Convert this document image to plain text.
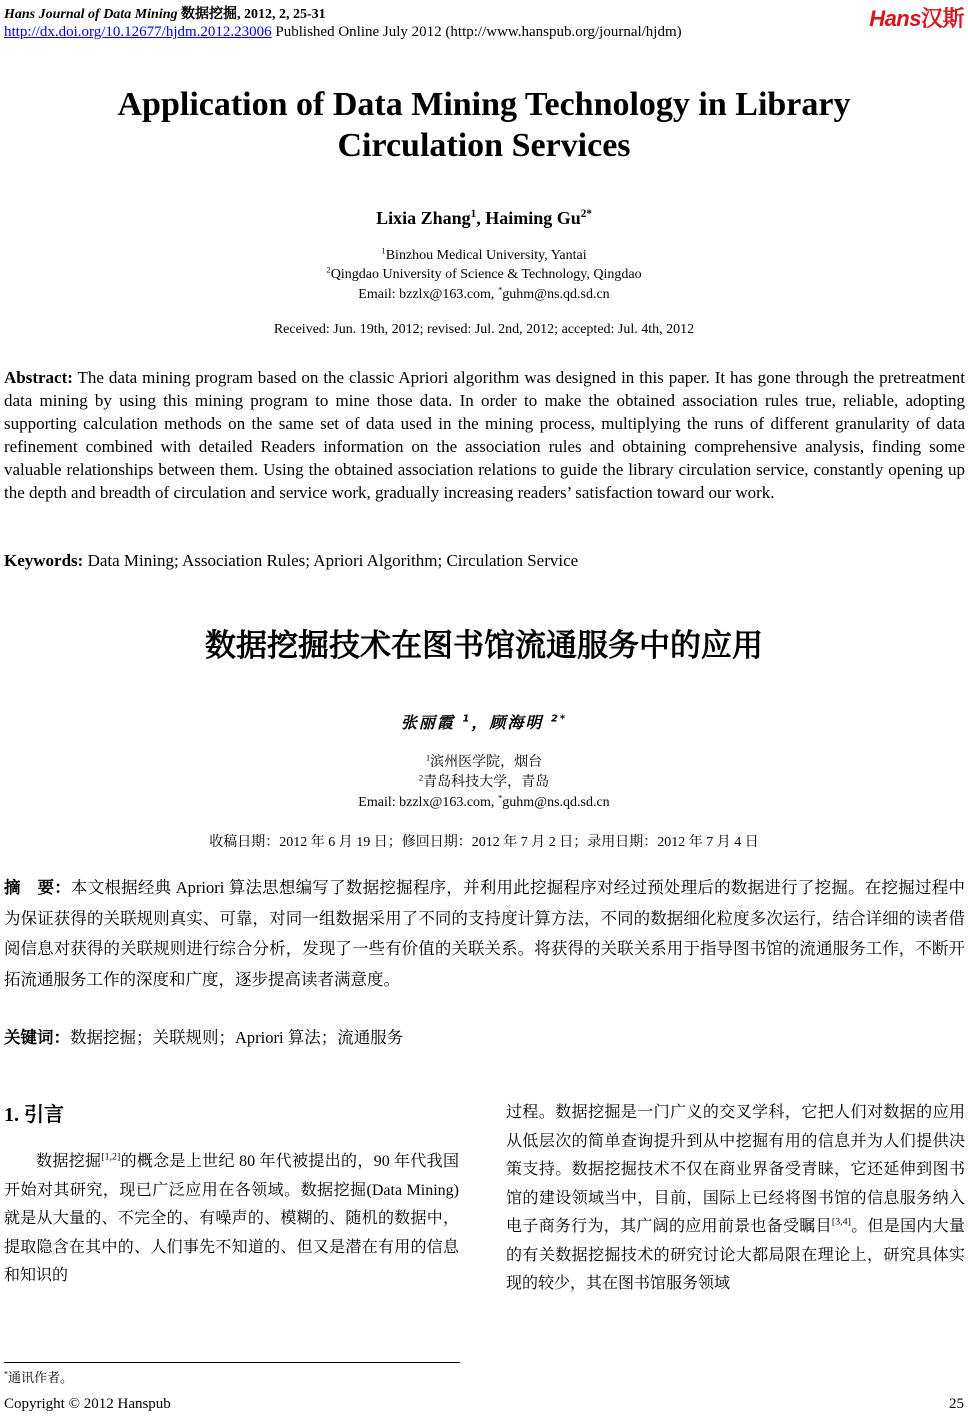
Hans Journal of Data Mining 数据挖掘, 2012, 2, 25-31
http://dx.doi.org/10.12677/hjdm.2012.23006 Published Online July 2012 (http://www.hanspub.org/journal/hjdm)
Hans汉斯
Application of Data Mining Technology in Library
Circulation Services
Lixia Zhang$^1$, Haiming $Gu^{2*}$
$^1$Binzhou Medical University, Yantai
$^2$Qingdao University of Science & Technology, Qingdao
Email: bzzlx@163.com, *guhm@ns.qd.sd.cn
Received: Jun. 19th, 2012; revised: Jul. 2nd, 2012; accepted: Jul. 4th, 2012
Abstract: The data mining program based on the classic Apriori algorithm was designed in this paper. It has gone through the pretreatment data mining by using this mining program to mine those data. In order to make the obtained association rules true, reliable, adopting supporting calculation methods on the same set of data used in the mining process, multiplying the runs of different granularity of data refinement combined with detailed Readers information on the association rules and obtaining comprehensive analysis, finding some valuable relationships between them. Using the obtained association relations to guide the library circulation service, constantly opening up the depth and breadth of circulation and service work, gradually increasing readers’ satisfaction toward our work.
Keywords: Data Mining; Association Rules; Apriori Algorithm; Circulation Service
数据挖掘技术在图书馆流通服务中的应用
张丽霞 $^1$，顾海明 $^{2*}$
$^1$滨州医学院，烟台
$^2$青岛科技大学，青岛
Email: bzzlx@163.com, *guhm@ns.qd.sd.cn
收稿日期：2012 年 6 月 19 日；修回日期：2012 年 7 月 2 日；录用日期：2012 年 7 月 4 日
摘　要：本文根据经典 Apriori 算法思想编写了数据挖掘程序，并利用此挖掘程序对经过预处理后的数据进行了挖掘。在挖掘过程中为保证获得的关联规则真实、可靠，对同一组数据采用了不同的支持度计算方法，不同的数据细化粒度多次运行，结合详细的读者借阅信息对获得的关联规则进行综合分析，发现了一些有价值的关联关系。将获得的关联关系用于指导图书馆的流通服务工作，不断开拓流通服务工作的深度和广度，逐步提高读者满意度。
关键词：数据挖掘；关联规则；Apriori 算法；流通服务
1. 引言
数据挖掘[1,2]的概念是上世纪 80 年代被提出的，90 年代我国开始对其研究，现已广泛应用在各领域。数据挖掘(Data Mining)就是从大量的、不完全的、有噪声的、模糊的、随机的数据中，提取隐含在其中的、人们事先不知道的、但又是潜在有用的信息和知识的
过程。数据挖掘是一门广义的交叉学科，它把人们对数据的应用从低层次的简单查询提升到从中挖掘有用的信息并为人们提供决策支持。数据挖掘技术不仅在商业界备受青睐，它还延伸到图书馆的建设领域当中，目前，国际上已经将图书馆的信息服务纳入电子商务行为，其广阔的应用前景也备受瞩目[3,4]。但是国内大量的有关数据挖掘技术的研究讨论大都局限在理论上，研究具体实现的较少，其在图书馆服务领域
*通讯作者。
Copyright © 2012 Hanspub	25
